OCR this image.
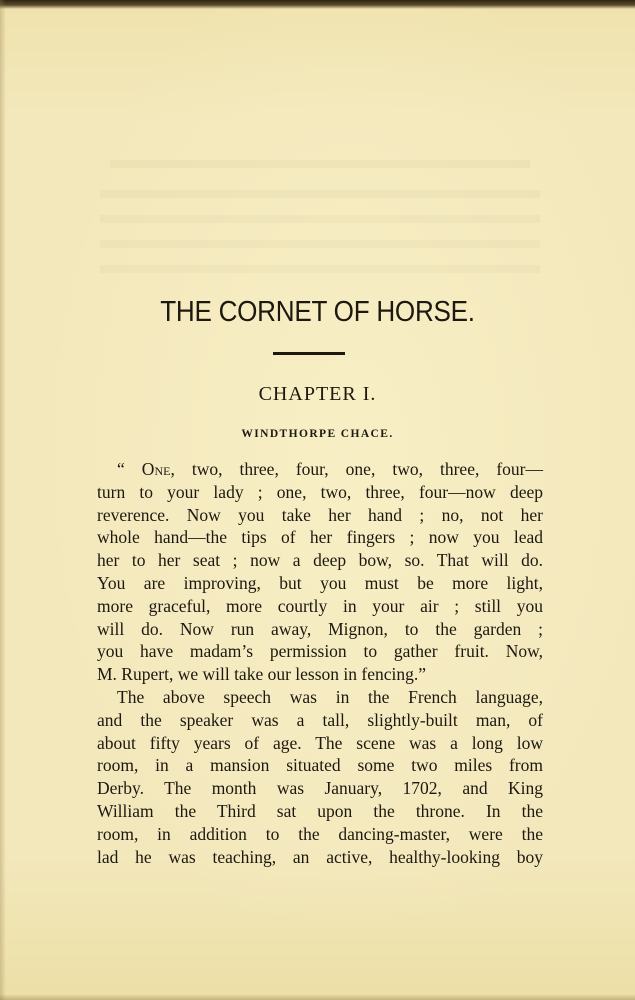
THE CORNET OF HORSE.
CHAPTER I.
WINDTHORPE CHACE.
“ One, two, three, four, one, two, three, four—
turn to your lady ; one, two, three, four—now deep
reverence. Now you take her hand ; no, not her
whole hand—the tips of her fingers ; now you lead
her to her seat ; now a deep bow, so. That will do.
You are improving, but you must be more light,
more graceful, more courtly in your air ; still you
will do. Now run away, Mignon, to the garden ;
you have madam’s permission to gather fruit. Now,
M. Rupert, we will take our lesson in fencing.”
The above speech was in the French language,
and the speaker was a tall, slightly-built man, of
about fifty years of age. The scene was a long low
room, in a mansion situated some two miles from
Derby. The month was January, 1702, and King
William the Third sat upon the throne. In the
room, in addition to the dancing-master, were the
lad he was teaching, an active, healthy-looking boy
